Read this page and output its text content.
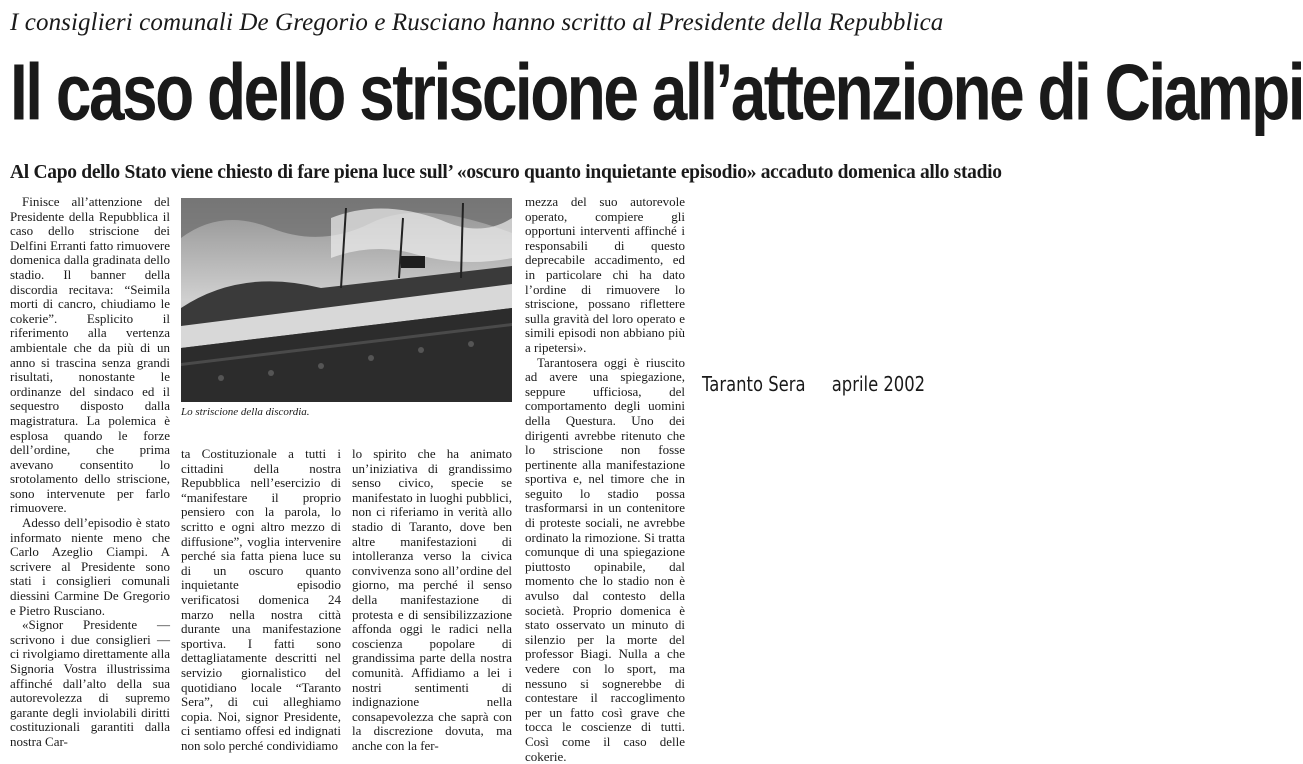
I consiglieri comunali De Gregorio e Rusciano hanno scritto al Presidente della Repubblica
Il caso dello striscione all’attenzione di Ciampi
Al Capo dello Stato viene chiesto di fare piena luce sull’ «oscuro quanto inquietante episodio» accaduto domenica allo stadio

Finisce all’attenzione del Presidente della Repubblica il caso dello striscione dei Delfini Erranti fatto rimuovere domenica dalla gradinata dello stadio. Il banner della discordia recitava: “Seimila morti di cancro, chiudiamo le cokerie”. Esplicito il riferimento alla vertenza ambientale che da più di un anno si trascina senza grandi risultati, nonostante le ordinanze del sindaco ed il sequestro disposto dalla magistratura. La polemica è esplosa quando le forze dell’ordine, che prima avevano consentito lo srotolamento dello striscione, sono intervenute per farlo rimuovere.

Adesso dell’episodio è stato informato niente meno che Carlo Azeglio Ciampi. A scrivere al Presidente sono stati i consiglieri comunali diessini Carmine De Gregorio e Pietro Rusciano.

«Signor Presidente — scrivono i due consiglieri — ci rivolgiamo direttamente alla Signoria Vostra illustrissima affinché dall’alto della sua autorevolezza di supremo garante degli inviolabili diritti costituzionali garantiti dalla nostra Car-

Lo striscione della discordia.

ta Costituzionale a tutti i cittadini della nostra Repubblica nell’esercizio di “manifestare il proprio pensiero con la parola, lo scritto e ogni altro mezzo di diffusione”, voglia intervenire perché sia fatta piena luce su di un oscuro quanto inquietante episodio verificatosi domenica 24 marzo nella nostra città durante una manifestazione sportiva. I fatti sono dettagliatamente descritti nel servizio giornalistico del quotidiano locale “Taranto Sera”, di cui alleghiamo copia. Noi, signor Presidente, ci sentiamo offesi ed indignati non solo perché condividiamo

lo spirito che ha animato un’iniziativa di grandissimo senso civico, specie se manifestato in luoghi pubblici, non ci riferiamo in verità allo stadio di Taranto, dove ben altre manifestazioni di intolleranza verso la civica convivenza sono all’ordine del giorno, ma perché il senso della manifestazione di protesta e di sensibilizzazione affonda oggi le radici nella coscienza popolare di grandissima parte della nostra comunità. Affidiamo a lei i nostri sentimenti di indignazione nella consapevolezza che saprà con la discrezione dovuta, ma anche con la fer-

mezza del suo autorevole operato, compiere gli opportuni interventi affinché i responsabili di questo deprecabile accadimento, ed in particolare chi ha dato l’ordine di rimuovere lo striscione, possano riflettere sulla gravità del loro operato e simili episodi non abbiano più a ripetersi».

Tarantosera oggi è riuscito ad avere una spiegazione, seppure ufficiosa, del comportamento degli uomini della Questura. Uno dei dirigenti avrebbe ritenuto che lo striscione non fosse pertinente alla manifestazione sportiva e, nel timore che in seguito lo stadio possa trasformarsi in un contenitore di proteste sociali, ne avrebbe ordinato la rimozione. Si tratta comunque di una spiegazione piuttosto opinabile, dal momento che lo stadio non è avulso dal contesto della società. Proprio domenica è stato osservato un minuto di silenzio per la morte del professor Biagi. Nulla a che vedere con lo sport, ma nessuno si sognerebbe di contestare il raccoglimento per un fatto così grave che tocca le coscienze di tutti. Così come il caso delle cokerie.

Taranto Sera aprile 2002
